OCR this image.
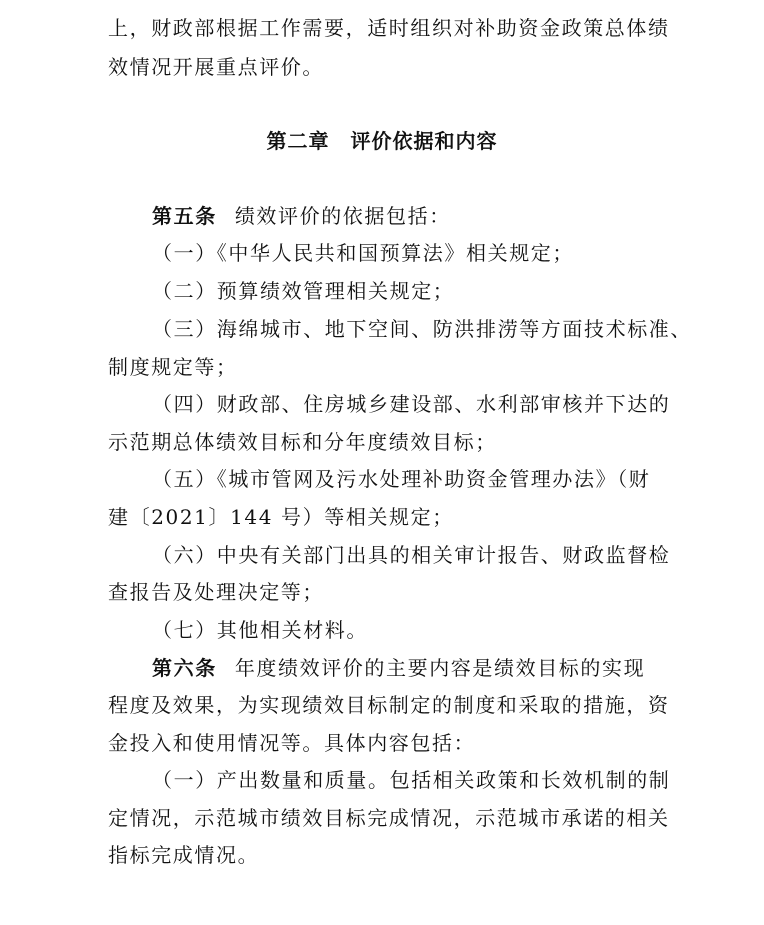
上，财政部根据工作需要，适时组织对补助资金政策总体绩
效情况开展重点评价。
第二章　评价依据和内容
第五条 绩效评价的依据包括：
（一）《中华人民共和国预算法》相关规定；
（二）预算绩效管理相关规定；
（三）海绵城市、地下空间、防洪排涝等方面技术标准、
制度规定等；
（四）财政部、住房城乡建设部、水利部审核并下达的
示范期总体绩效目标和分年度绩效目标；
（五）《城市管网及污水处理补助资金管理办法》（财
建〔2021〕144 号）等相关规定；
（六）中央有关部门出具的相关审计报告、财政监督检
查报告及处理决定等；
（七）其他相关材料。
第六条 年度绩效评价的主要内容是绩效目标的实现
程度及效果，为实现绩效目标制定的制度和采取的措施，资
金投入和使用情况等。具体内容包括：
（一）产出数量和质量。包括相关政策和长效机制的制
定情况，示范城市绩效目标完成情况，示范城市承诺的相关
指标完成情况。
